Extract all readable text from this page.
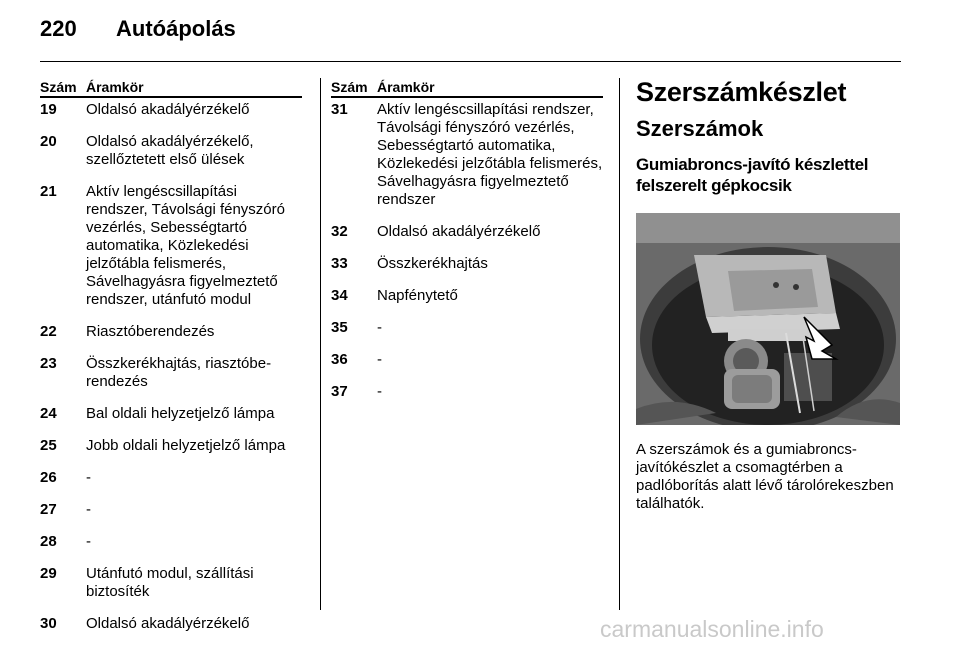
220 Autóápolás
Szám Áramkör
19	Oldalsó akadályérzékelő
20	Oldalsó akadályérzékelő, szellőztetett első ülések
21	Aktív lengéscsillapítási rendszer, Távolsági fényszóró vezérlés, Sebességtartó automatika, Közlekedési jelzőtábla felismerés, Sávelhagyásra figyelmeztető rendszer, utánfutó modul
22	Riasztóberendezés
23	Összkerékhajtás, riasztóbe-rendezés
24	Bal oldali helyzetjelző lámpa
25	Jobb oldali helyzetjelző lámpa
26	-
27	-
28	-
29	Utánfutó modul, szállítási biztosíték
30	Oldalsó akadályérzékelő
Szám Áramkör
31	Aktív lengéscsillapítási rendszer, Távolsági fényszóró vezérlés, Sebességtartó automatika, Közlekedési jelzőtábla felismerés, Sávelhagyásra figyelmeztető rendszer
32	Oldalsó akadályérzékelő
33	Összkerékhajtás
34	Napfénytető
35	-
36	-
37	-
Szerszámkészlet
Szerszámok
Gumiabroncs-javító készlettel felszerelt gépkocsik
A szerszámok és a gumiabroncs-javítókészlet a csomagtérben a padlóborítás alatt lévő tárolórekeszben találhatók.
carmanualsonline.info
